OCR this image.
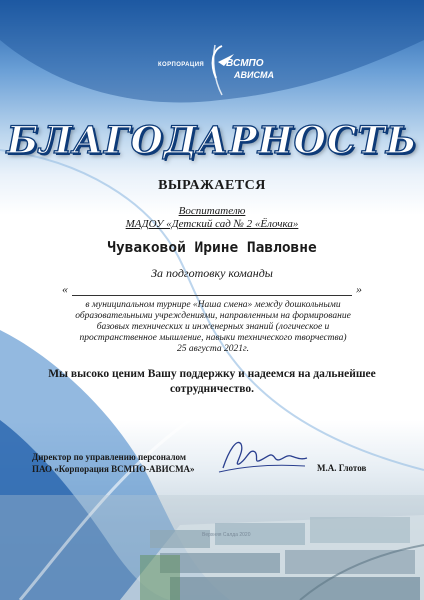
КОРПОРАЦИЯ ВСМПО
АВИСМА
БЛАГОДАРНОСТЬ
ВЫРАЖАЕТСЯ
Воспитателю
МАДОУ «Детский сад № 2 «Ёлочка»
Чуваковой Ирине Павловне
За подготовку команды
«	»
в муниципальном турнире «Наша смена» между дошкольными образовательными учреждениями, направленным на формирование базовых технических и инженерных знаний (логическое и пространственное мышление, навыки технического творчества)
25 августа 2021г.
Мы высоко ценим Вашу поддержку и надеемся на дальнейшее сотрудничество.
Директор по управлению персоналом
ПАО «Корпорация ВСМПО-АВИСМА»	М.А. Глотов
Верхняя Салда 2020
